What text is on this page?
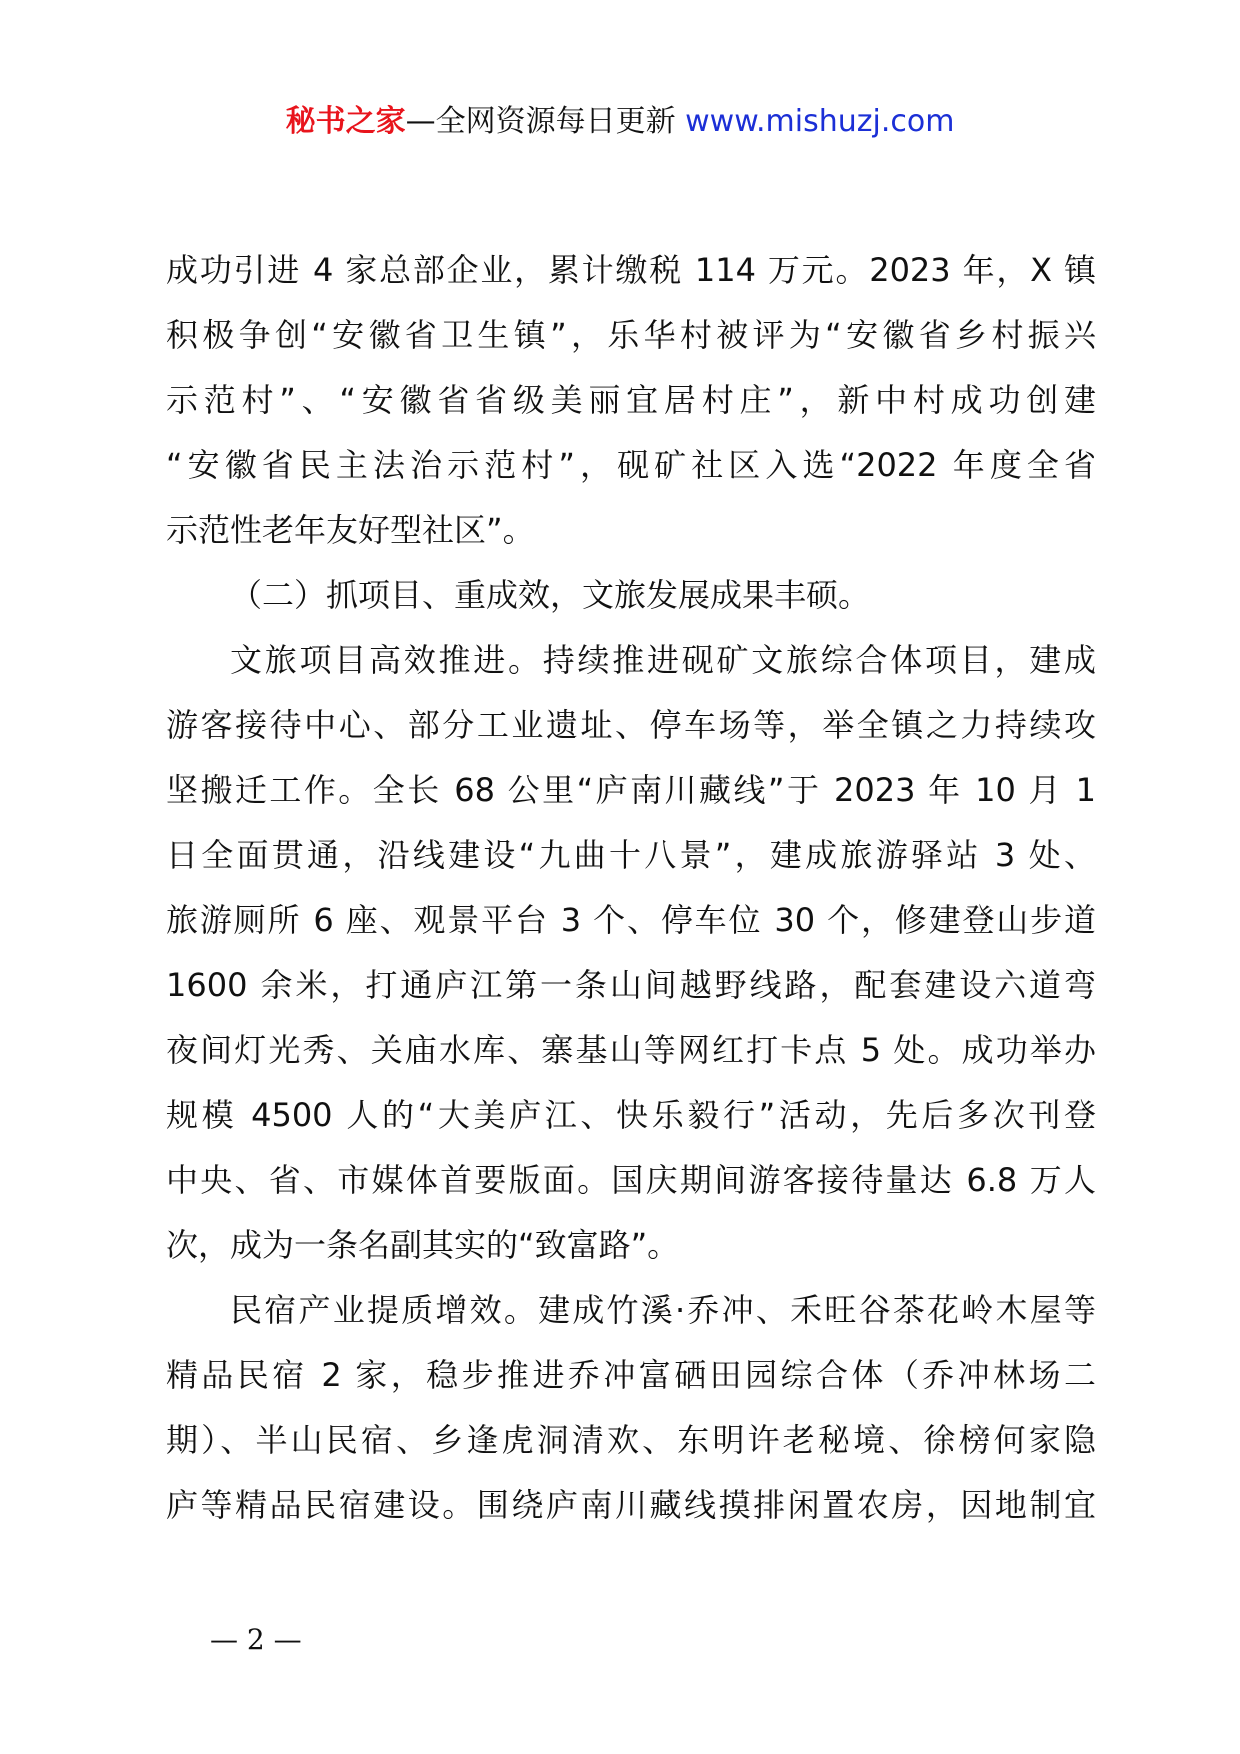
秘书之家—全网资源每日更新 www.mishuzj.com
成功引进 4 家总部企业，累计缴税 114 万元。2023 年，X 镇
积极争创“安徽省卫生镇”，乐华村被评为“安徽省乡村振兴
示范村”、“安徽省省级美丽宜居村庄”，新中村成功创建
“安徽省民主法治示范村”，砚矿社区入选“2022 年度全省
示范性老年友好型社区”。
（二）抓项目、重成效，文旅发展成果丰硕。
文旅项目高效推进。持续推进砚矿文旅综合体项目，建成
游客接待中心、部分工业遗址、停车场等，举全镇之力持续攻
坚搬迁工作。全长 68 公里“庐南川藏线”于 2023 年 10 月 1
日全面贯通，沿线建设“九曲十八景”，建成旅游驿站 3 处、
旅游厕所 6 座、观景平台 3 个、停车位 30 个，修建登山步道
1600 余米，打通庐江第一条山间越野线路，配套建设六道弯
夜间灯光秀、关庙水库、寨基山等网红打卡点 5 处。成功举办
规模 4500 人的“大美庐江、快乐毅行”活动，先后多次刊登
中央、省、市媒体首要版面。国庆期间游客接待量达 6.8 万人
次，成为一条名副其实的“致富路”。
民宿产业提质增效。建成竹溪·乔冲、禾旺谷茶花岭木屋等
精品民宿 2 家，稳步推进乔冲富硒田园综合体（乔冲林场二
期）、半山民宿、乡逢虎洞清欢、东明许老秘境、徐榜何家隐
庐等精品民宿建设。围绕庐南川藏线摸排闲置农房，因地制宜
— 2 —
